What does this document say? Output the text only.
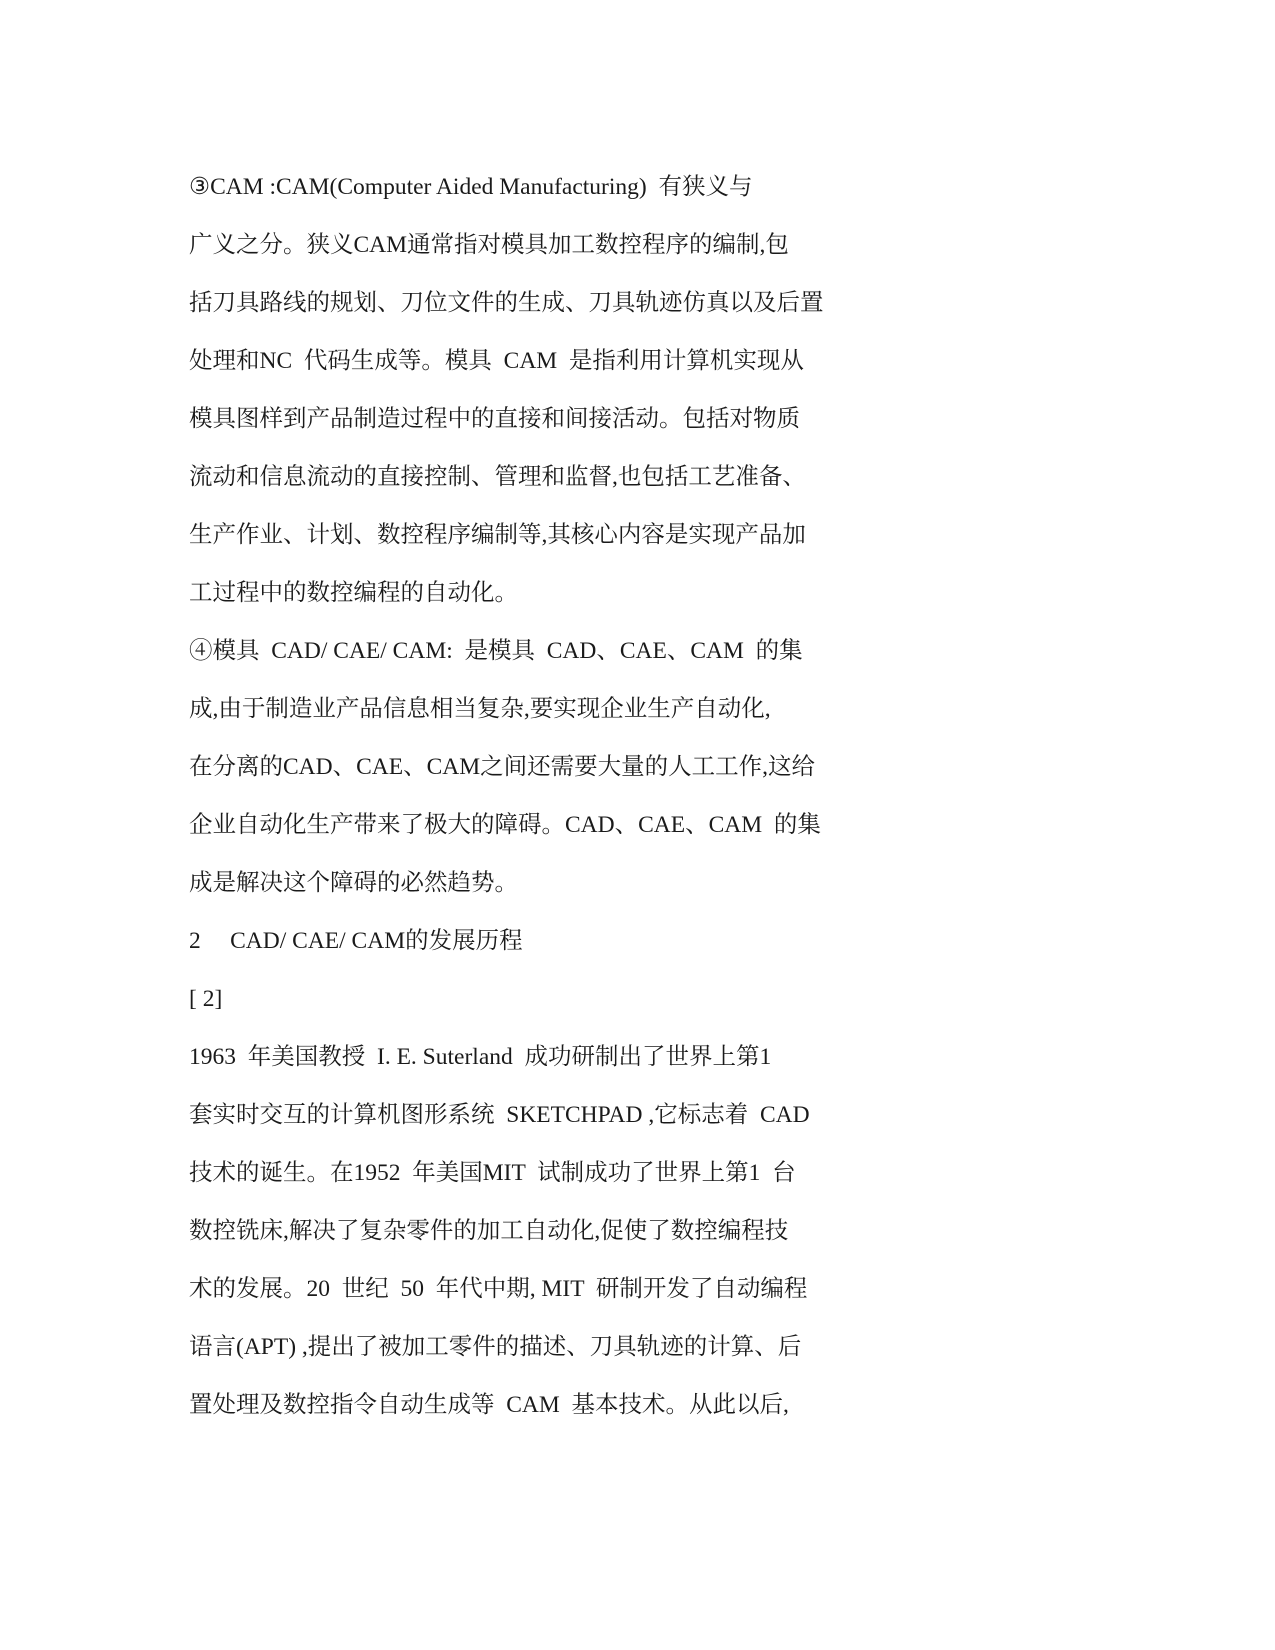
③CAM :CAM(Computer Aided Manufacturing)  有狭义与
广义之分。狭义CAM通常指对模具加工数控程序的编制,包
括刀具路线的规划、刀位文件的生成、刀具轨迹仿真以及后置
处理和NC  代码生成等。模具  CAM  是指利用计算机实现从
模具图样到产品制造过程中的直接和间接活动。包括对物质
流动和信息流动的直接控制、管理和监督,也包括工艺准备、
生产作业、计划、数控程序编制等,其核心内容是实现产品加
工过程中的数控编程的自动化。
④模具  CAD/ CAE/ CAM:  是模具  CAD、CAE、CAM  的集
成,由于制造业产品信息相当复杂,要实现企业生产自动化,
在分离的CAD、CAE、CAM之间还需要大量的人工工作,这给
企业自动化生产带来了极大的障碍。CAD、CAE、CAM  的集
成是解决这个障碍的必然趋势。
2     CAD/ CAE/ CAM的发展历程
[ 2]
1963  年美国教授  I. E. Suterland  成功研制出了世界上第1
套实时交互的计算机图形系统  SKETCHPAD ,它标志着  CAD
技术的诞生。在1952  年美国MIT  试制成功了世界上第1  台
数控铣床,解决了复杂零件的加工自动化,促使了数控编程技
术的发展。20  世纪  50  年代中期, MIT  研制开发了自动编程
语言(APT) ,提出了被加工零件的描述、刀具轨迹的计算、后
置处理及数控指令自动生成等  CAM  基本技术。从此以后,
